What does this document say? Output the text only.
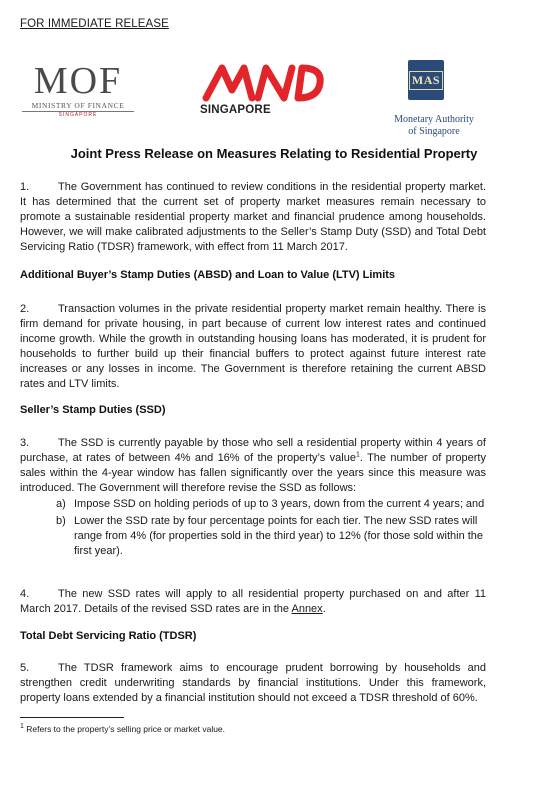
FOR IMMEDIATE RELEASE
MOF
MINISTRY OF FINANCE
SINGAPORE	SINGAPORE
MAS
Monetary Authority
of Singapore
Joint Press Release on Measures Relating to Residential Property

1.	The Government has continued to review conditions in the residential property market. It has determined that the current set of property market measures remain necessary to promote a sustainable residential property market and financial prudence among households. However, we will make calibrated adjustments to the Seller’s Stamp Duty (SSD) and Total Debt Servicing Ratio (TDSR) framework, with effect from 11 March 2017.

Additional Buyer’s Stamp Duties (ABSD) and Loan to Value (LTV) Limits

2.	Transaction volumes in the private residential property market remain healthy. There is firm demand for private housing, in part because of current low interest rates and continued income growth. While the growth in outstanding housing loans has moderated, it is prudent for households to further build up their financial buffers to protect against future interest rate increases or any losses in income. The Government is therefore retaining the current ABSD rates and LTV limits.

Seller’s Stamp Duties (SSD)

3.	The SSD is currently payable by those who sell a residential property within 4 years of purchase, at rates of between 4% and 16% of the property’s value$^1$. The number of property sales within the 4-year window has fallen significantly over the years since this measure was introduced. The Government will therefore revise the SSD as follows:

a) Impose SSD on holding periods of up to 3 years, down from the current 4 years; and
b) Lower the SSD rate by four percentage points for each tier. The new SSD rates will range from 4% (for properties sold in the third year) to 12% (for those sold within the first year).

4.	The new SSD rates will apply to all residential property purchased on and after 11 March 2017. Details of the revised SSD rates are in the Annex.

Total Debt Servicing Ratio (TDSR)

5.	The TDSR framework aims to encourage prudent borrowing by households and strengthen credit underwriting standards by financial institutions. Under this framework, property loans extended by a financial institution should not exceed a TDSR threshold of 60%.

$^1$ Refers to the property’s selling price or market value.
